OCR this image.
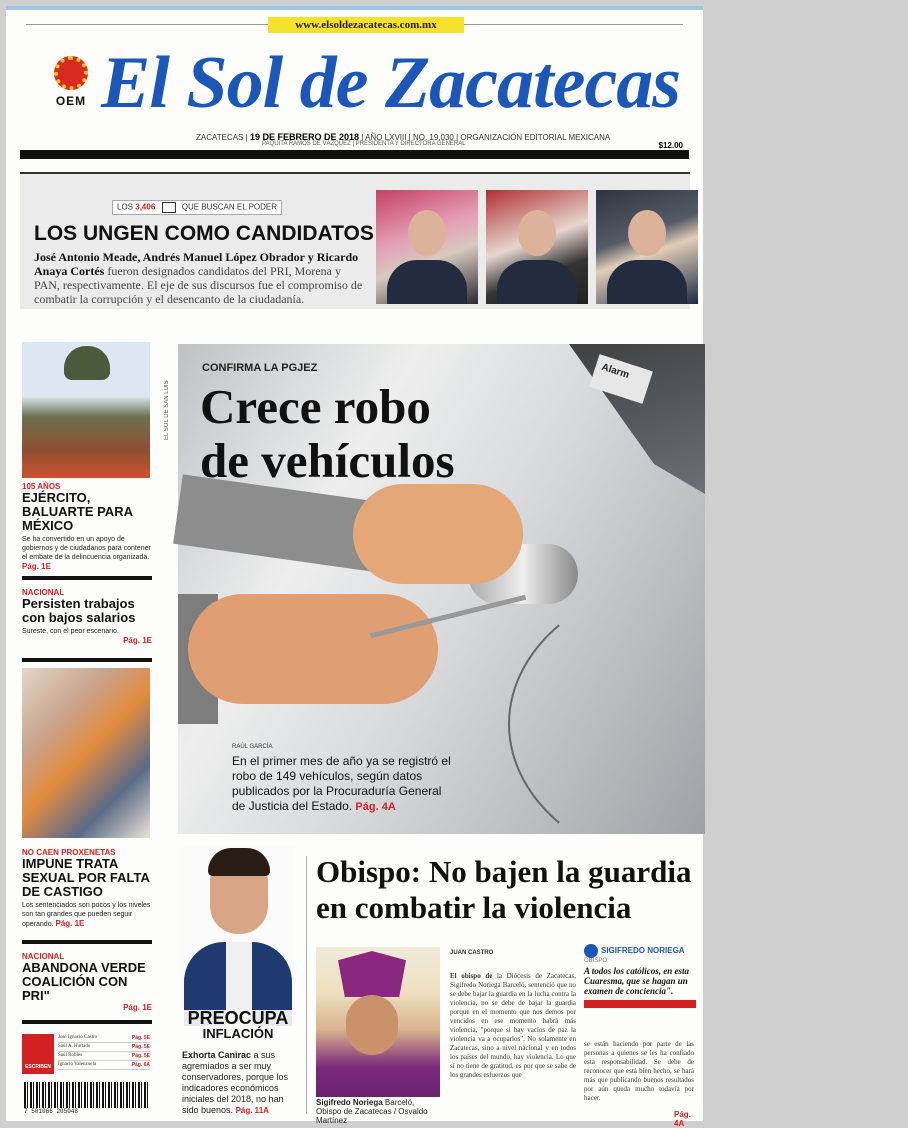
www.elsoldezacatecas.com.mx
OEM El Sol de Zacatecas
ZACATECAS | 19 DE FEBRERO DE 2018 | AÑO LXVIII | NO. 19,030 | ORGANIZACIÓN EDITORIAL MEXICANA
PAQUITA RAMOS DE VÁZQUEZ | PRESIDENTA Y DIRECTORA GENERAL	$12.00
LOS 3,406	QUE BUSCAN EL PODER
LOS UNGEN COMO CANDIDATOS
José Antonio Meade, Andrés Manuel López Obrador y Ricardo Anaya Cortés fueron designados candidatos del PRI, Morena y PAN, respectivamente. El eje de sus discursos fue el compromiso de combatir la corrupción y el desencanto de la ciudadanía.
105 AÑOS
EJÉRCITO, BALUARTE PARA MÉXICO
Se ha convertido en un apoyo de gobiernos y de ciudadanos para contener el embate de la delincuencia organizada. Pág. 1E
NACIONAL
Persisten trabajos con bajos salarios
Sureste, con el peor escenario.
Pág. 1E
NO CAEN PROXENETAS
IMPUNE TRATA SEXUAL POR FALTA DE CASTIGO
Los sentenciados son pocos y los niveles son tan grandes que pueden seguir operando. Pág. 1E
NACIONAL
ABANDONA VERDE COALICIÓN CON PRI"
Pág. 1E
EL SOL DE SAN LUIS
Alarm
CONFIRMA LA PGJEZ
Crece robo
de vehículos
RAÚL GARCÍA
En el primer mes de año ya se registró el robo de 149 vehículos, según datos publicados por la Procuraduría General de Justicia del Estado. Pág. 4A
PREOCUPA
INFLACIÓN
Exhorta Canirac a sus agremiados a ser muy conservadores, porque los indicadores económicos iniciales del 2018, no han sido buenos. Pág. 11A
Obispo: No bajen la guardia en combatir la violencia
Sigifredo Noriega Barceló, Obispo de Zacatecas / Osvaldo Martínez
JUAN CASTRO
El obispo de la Diócesis de Zacatecas, Sigifredo Noriega Barceló, sentenció que no se debe bajar la guardia en la lucha contra la violencia, no se debe de bajar la guardia porque en el momento que nos demos por vencidos en ese momento habrá más violencia, "porque si hay vacíos de paz la violencia va a ocuparlos". No solamente en Zacatecas, sino a nivel nacional y en todos los países del mundo, hay violencia. Lo que sí no tiene de gratitud, es por que se sabe de los grandes esfuerzos que
SIGIFREDO NORIEGA
OBISPO
A todos los católicos, en esta Cuaresma, que se hagan un examen de conciencia".
se están haciendo por parte de las personas a quienes se les ha confiado esta responsabilidad. Se debe de reconocer que está bien hecho, se hará más que publicando buenos resultados por aún queda mucho todavía por hacer.
Pág. 4A
ESCRIBEN
José Ignacio Castro	Pág. 5E
Saúl A. Hurtado	Pág. 5E
Saúl Robles	Pág. 5E
Ignacio Valenzuela	Pág. 6A
7 501066 205048
